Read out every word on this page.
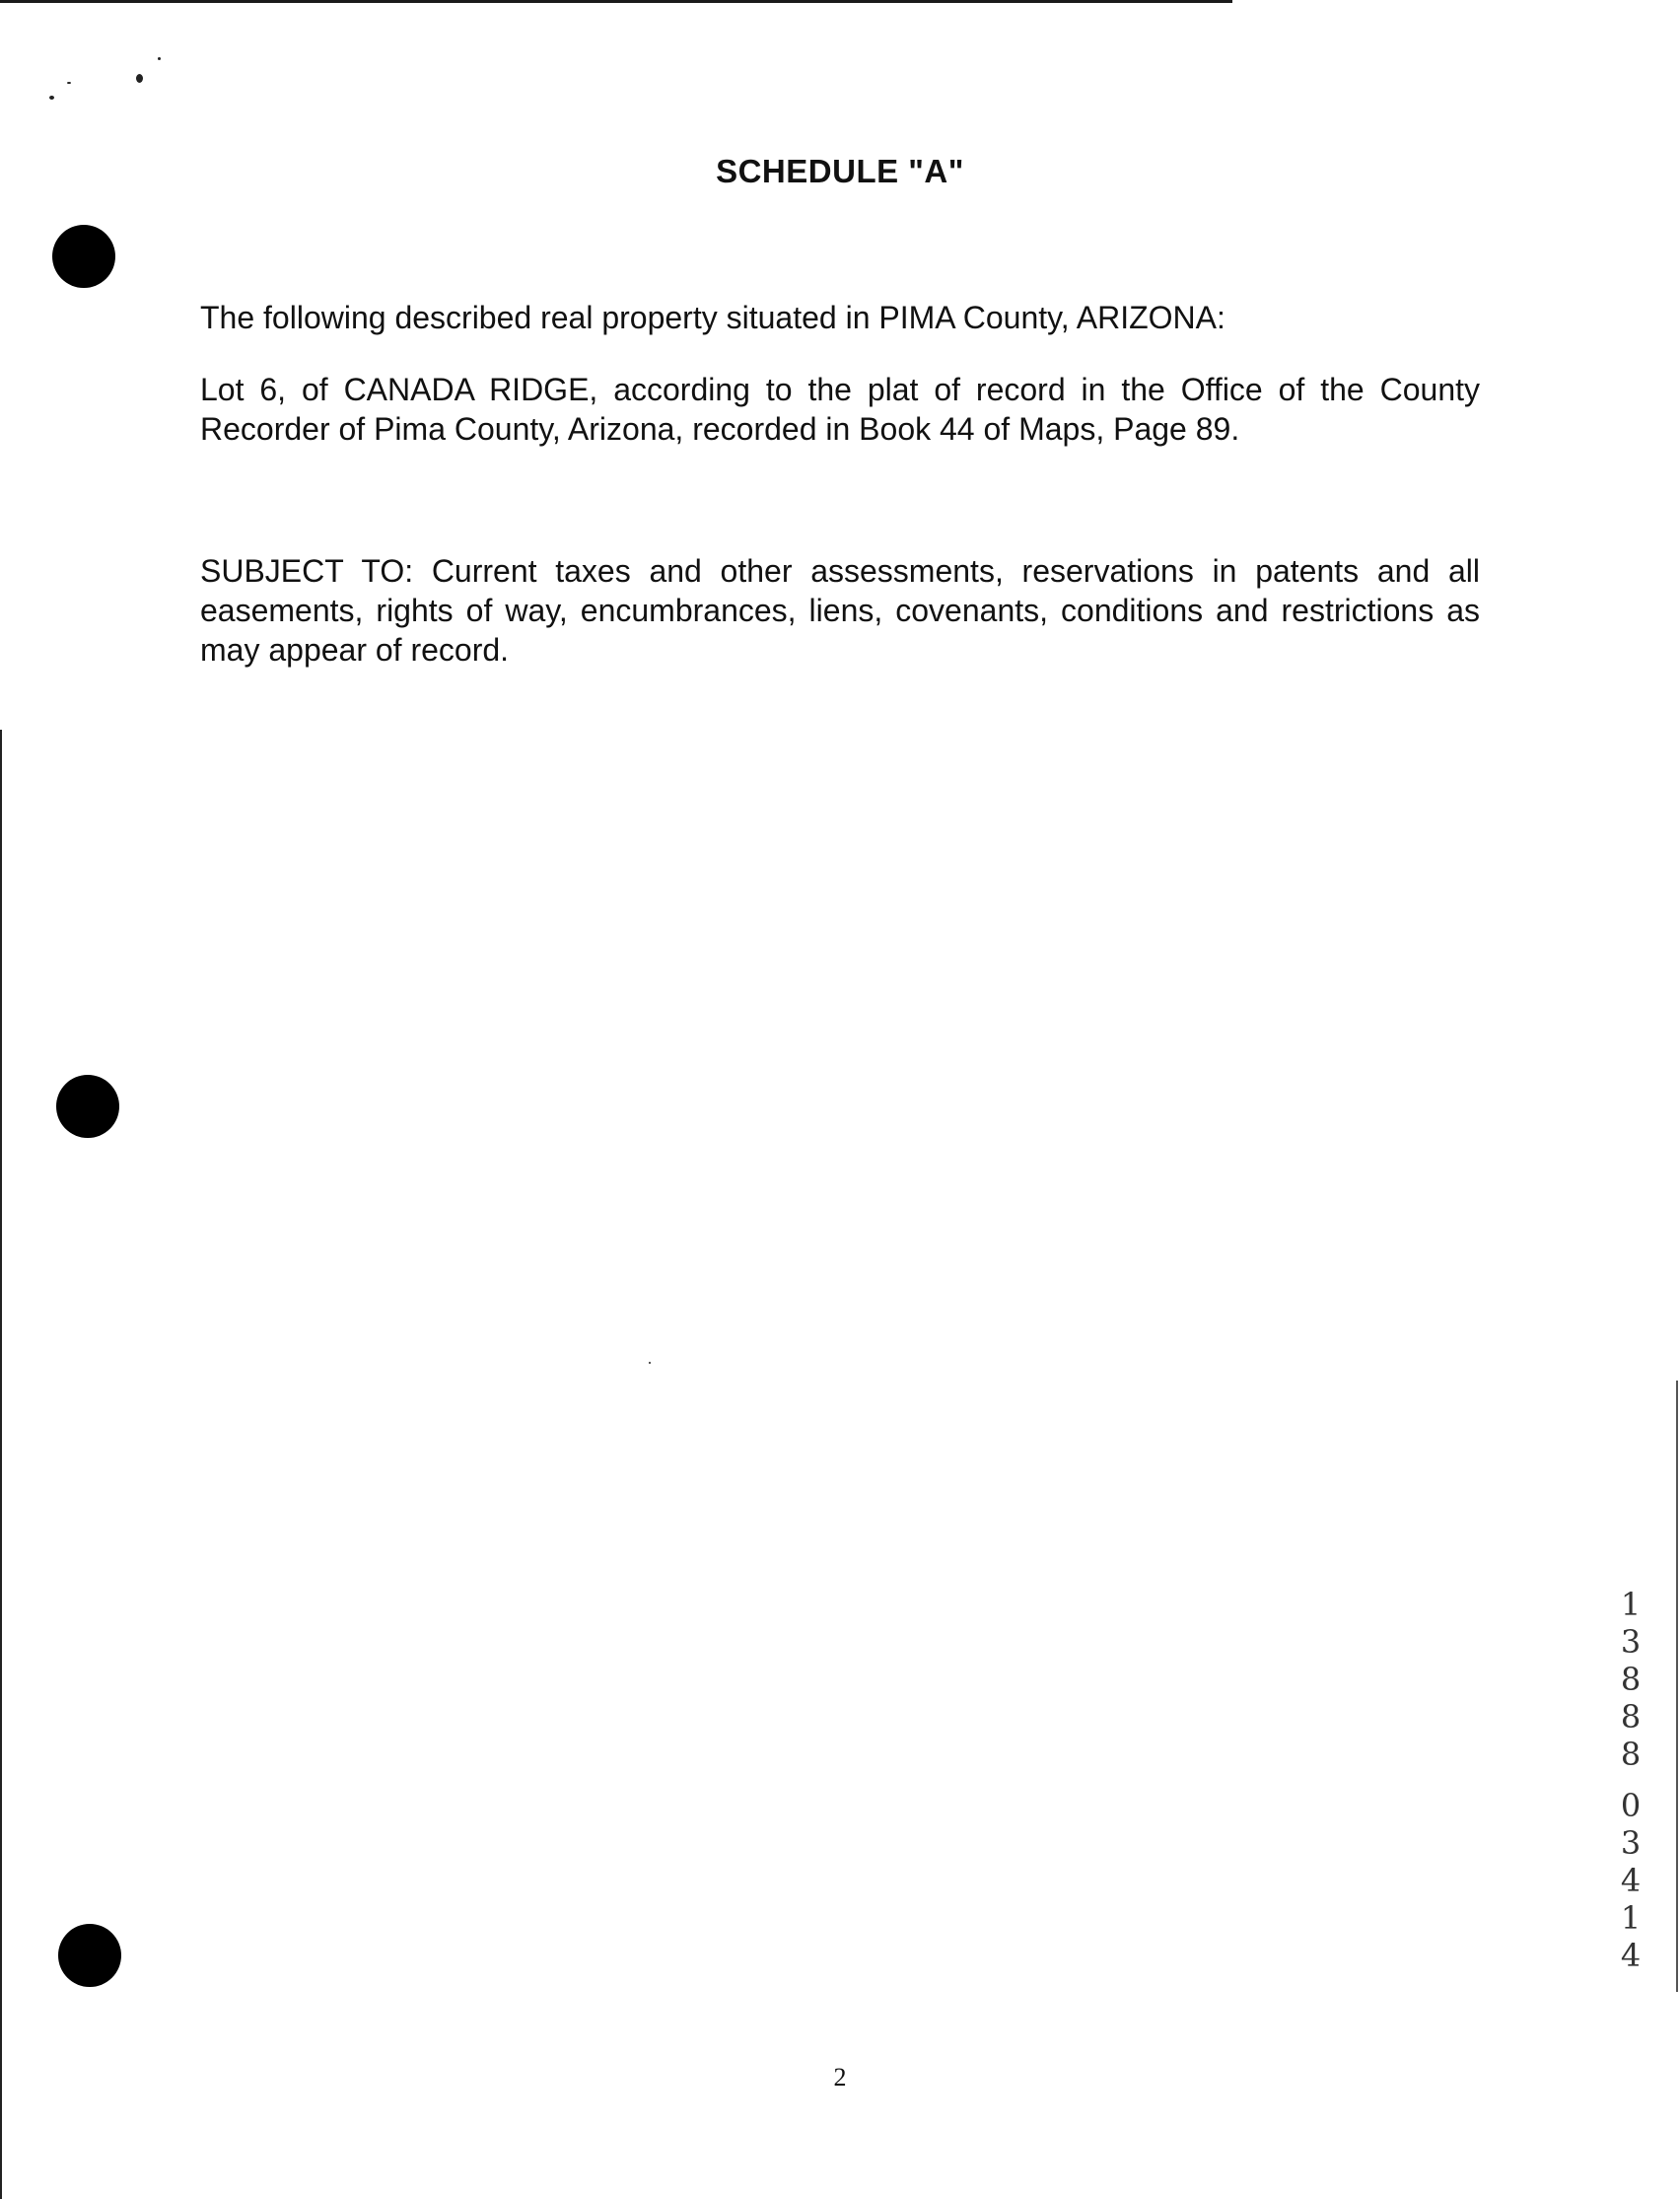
SCHEDULE "A"

The following described real property situated in PIMA County, ARIZONA:

Lot 6, of CANADA RIDGE, according to the plat of record in the Office of the County Recorder of Pima County, Arizona, recorded in Book 44 of Maps, Page 89.

SUBJECT TO: Current taxes and other assessments, reservations in patents and all easements, rights of way, encumbrances, liens, covenants, conditions and restrictions as may appear of record.

1
3
8
8
8
0
3
4
1
4
2
